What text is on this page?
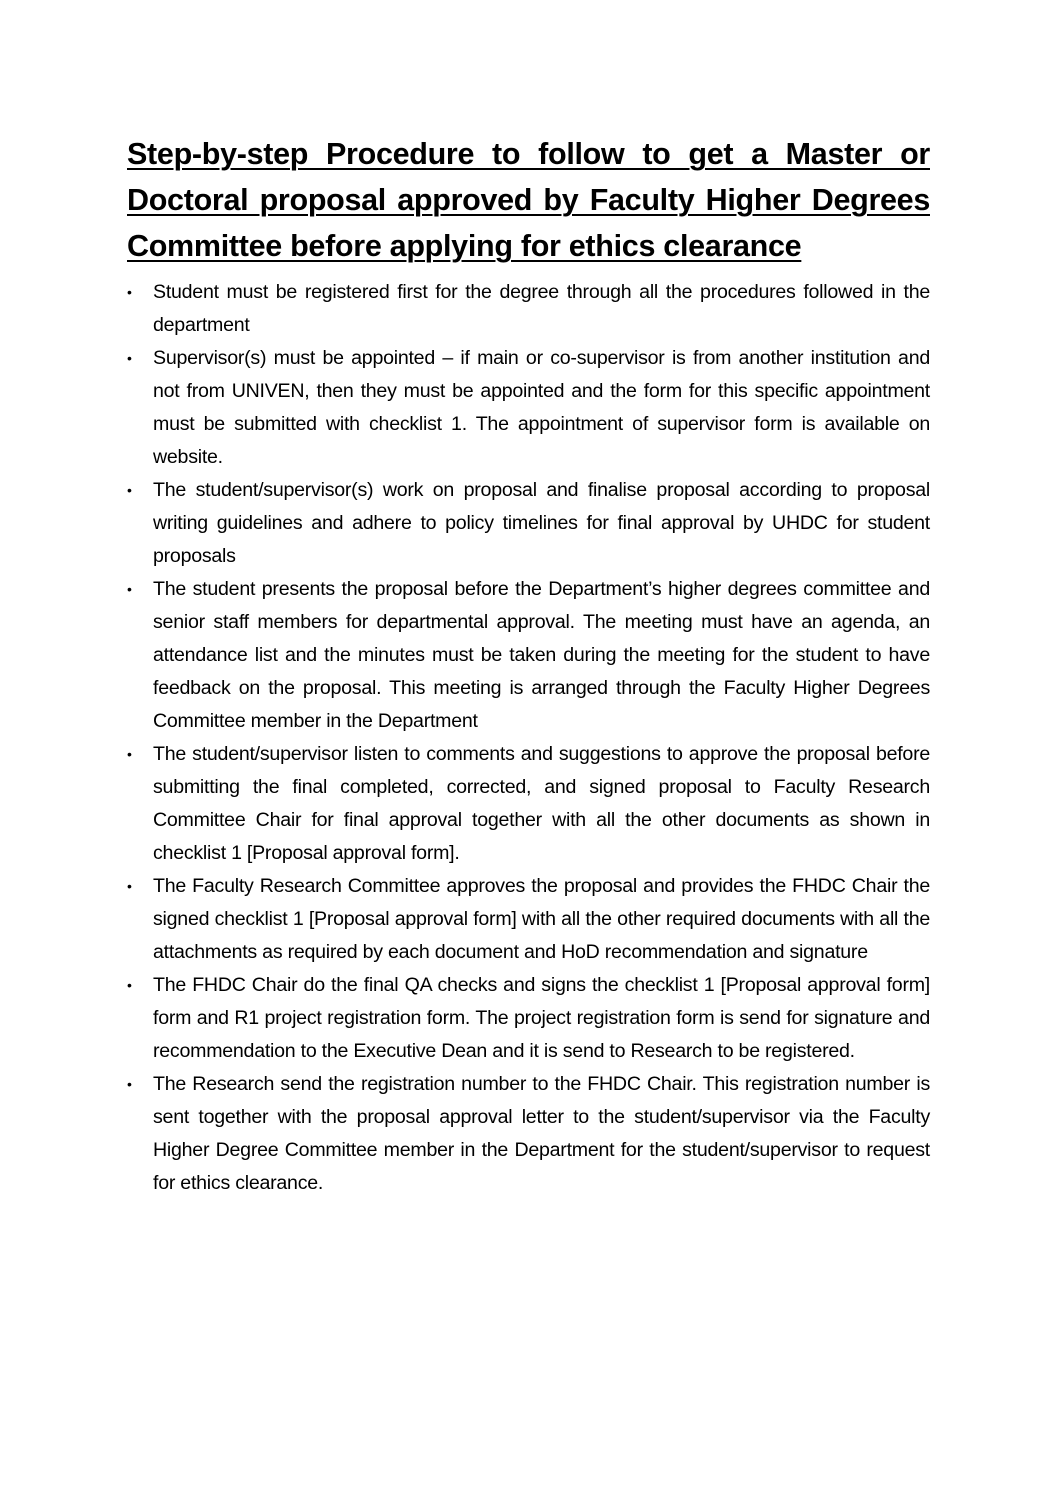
Step-by-step Procedure to follow to get a Master or Doctoral proposal approved by Faculty Higher Degrees Committee before applying for ethics clearance
•	Student must be registered first for the degree through all the procedures followed in the department
•	Supervisor(s) must be appointed – if main or co-supervisor is from another institution and not from UNIVEN, then they must be appointed and the form for this specific appointment must be submitted with checklist 1. The appointment of supervisor form is available on website.
•	The student/supervisor(s) work on proposal and finalise proposal according to proposal writing guidelines and adhere to policy timelines for final approval by UHDC for student proposals
•	The student presents the proposal before the Department’s higher degrees committee and senior staff members for departmental approval. The meeting must have an agenda, an attendance list and the minutes must be taken during the meeting for the student to have feedback on the proposal. This meeting is arranged through the Faculty Higher Degrees Committee member in the Department
•	The student/supervisor listen to comments and suggestions to approve the proposal before submitting the final completed, corrected, and signed proposal to Faculty Research Committee Chair for final approval together with all the other documents as shown in checklist 1 [Proposal approval form].
•	The Faculty Research Committee approves the proposal and provides the FHDC Chair the signed checklist 1 [Proposal approval form] with all the other required documents with all the attachments as required by each document and HoD recommendation and signature
•	The FHDC Chair do the final QA checks and signs the checklist 1 [Proposal approval form] form and R1 project registration form. The project registration form is send for signature and recommendation to the Executive Dean and it is send to Research to be registered.
•	The Research send the registration number to the FHDC Chair. This registration number is sent together with the proposal approval letter to the student/supervisor via the Faculty Higher Degree Committee member in the Department for the student/supervisor to request for ethics clearance.
